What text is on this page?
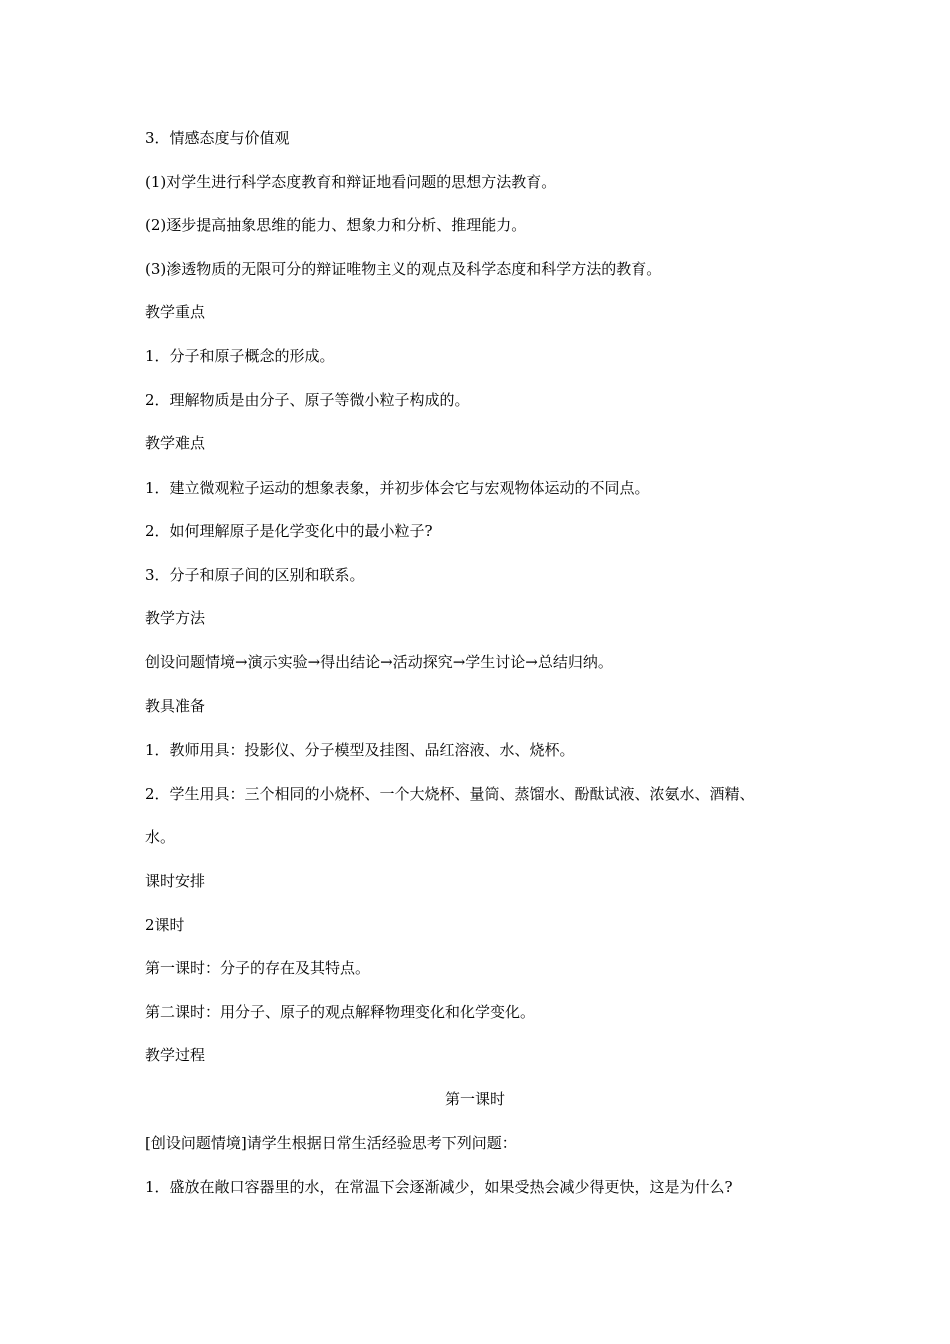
3．情感态度与价值观
(1)对学生进行科学态度教育和辩证地看问题的思想方法教育。
(2)逐步提高抽象思维的能力、想象力和分析、推理能力。
(3)渗透物质的无限可分的辩证唯物主义的观点及科学态度和科学方法的教育。
教学重点
1．分子和原子概念的形成。
2．理解物质是由分子、原子等微小粒子构成的。
教学难点
1．建立微观粒子运动的想象表象，并初步体会它与宏观物体运动的不同点。
2．如何理解原子是化学变化中的最小粒子?
3．分子和原子间的区别和联系。
教学方法
创设问题情境→演示实验→得出结论→活动探究→学生讨论→总结归纳。
教具准备
1．教师用具：投影仪、分子模型及挂图、品红溶液、水、烧杯。
2．学生用具：三个相同的小烧杯、一个大烧杯、量筒、蒸馏水、酚酞试液、浓氨水、酒精、
水。
课时安排
2课时
第一课时：分子的存在及其特点。
第二课时：用分子、原子的观点解释物理变化和化学变化。
教学过程
第一课时
[创设问题情境]请学生根据日常生活经验思考下列问题：
1．盛放在敞口容器里的水，在常温下会逐渐减少，如果受热会减少得更快，这是为什么?
